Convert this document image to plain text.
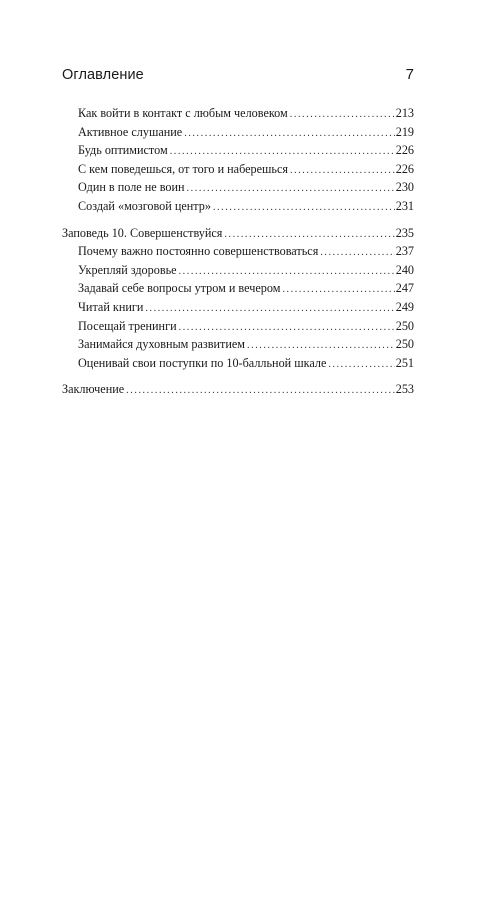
Оглавление	7
Как войти в контакт с любым человеком .....	213
Активное слушание .....	219
Будь оптимистом .....	226
С кем поведешься, от того и наберешься .....	226
Один в поле не воин .....	230
Создай «мозговой центр» .....	231
Заповедь 10. Совершенствуйся .....	235
Почему важно постоянно совершенствоваться .....	237
Укрепляй здоровье .....	240
Задавай себе вопросы утром и вечером .....	247
Читай книги .....	249
Посещай тренинги .....	250
Занимайся духовным развитием .....	250
Оценивай свои поступки по 10-балльной шкале .....	251
Заключение .....	253
